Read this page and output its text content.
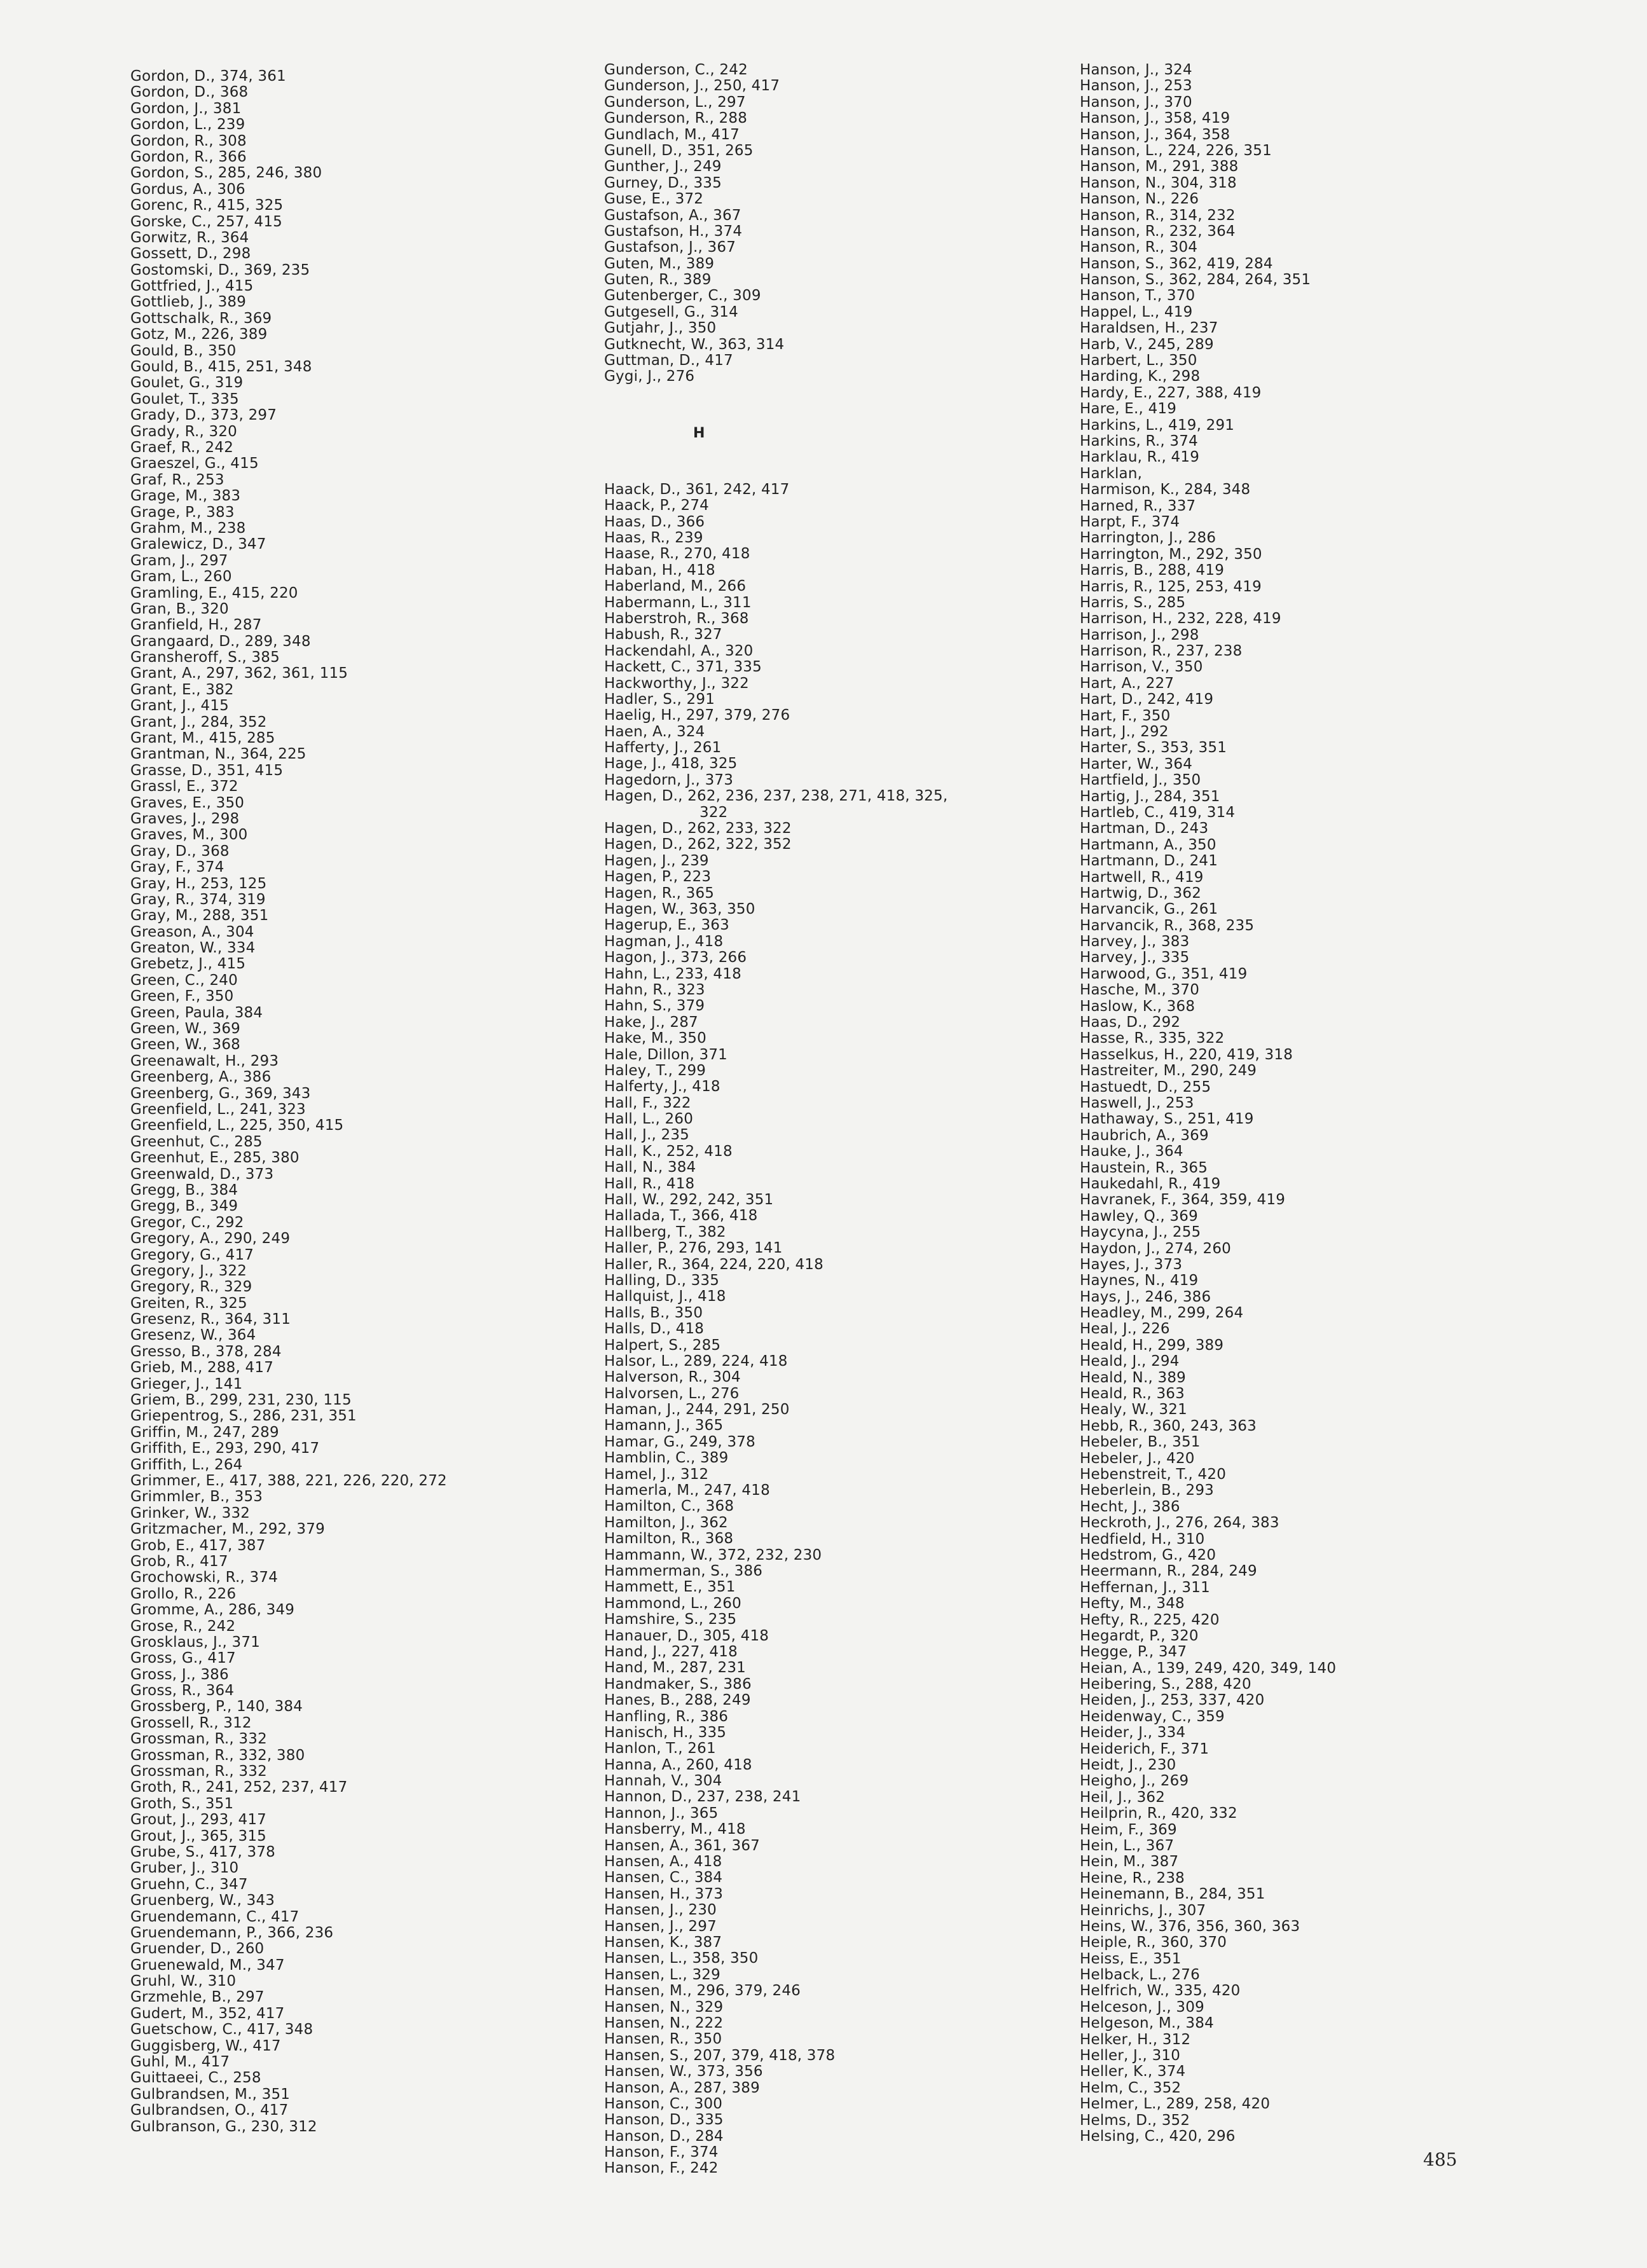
Gordon, D., 374, 361
Gordon, D., 368
Gordon, J., 381
Gordon, L., 239
Gordon, R., 308
Gordon, R., 366
Gordon, S., 285, 246, 380
Gordus, A., 306
Gorenc, R., 415, 325
Gorske, C., 257, 415
Gorwitz, R., 364
Gossett, D., 298
Gostomski, D., 369, 235
Gottfried, J., 415
Gottlieb, J., 389
Gottschalk, R., 369
Gotz, M., 226, 389
Gould, B., 350
Gould, B., 415, 251, 348
Goulet, G., 319
Goulet, T., 335
Grady, D., 373, 297
Grady, R., 320
Graef, R., 242
Graeszel, G., 415
Graf, R., 253
Grage, M., 383
Grage, P., 383
Grahm, M., 238
Gralewicz, D., 347
Gram, J., 297
Gram, L., 260
Gramling, E., 415, 220
Gran, B., 320
Granfield, H., 287
Grangaard, D., 289, 348
Gransheroff, S., 385
Grant, A., 297, 362, 361, 115
Grant, E., 382
Grant, J., 415
Grant, J., 284, 352
Grant, M., 415, 285
Grantman, N., 364, 225
Grasse, D., 351, 415
Grassl, E., 372
Graves, E., 350
Graves, J., 298
Graves, M., 300
Gray, D., 368
Gray, F., 374
Gray, H., 253, 125
Gray, R., 374, 319
Gray, M., 288, 351
Greason, A., 304
Greaton, W., 334
Grebetz, J., 415
Green, C., 240
Green, F., 350
Green, Paula, 384
Green, W., 369
Green, W., 368
Greenawalt, H., 293
Greenberg, A., 386
Greenberg, G., 369, 343
Greenfield, L., 241, 323
Greenfield, L., 225, 350, 415
Greenhut, C., 285
Greenhut, E., 285, 380
Greenwald, D., 373
Gregg, B., 384
Gregg, B., 349
Gregor, C., 292
Gregory, A., 290, 249
Gregory, G., 417
Gregory, J., 322
Gregory, R., 329
Greiten, R., 325
Gresenz, R., 364, 311
Gresenz, W., 364
Gresso, B., 378, 284
Grieb, M., 288, 417
Grieger, J., 141
Griem, B., 299, 231, 230, 115
Griepentrog, S., 286, 231, 351
Griffin, M., 247, 289
Griffith, E., 293, 290, 417
Griffith, L., 264
Grimmer, E., 417, 388, 221, 226, 220, 272
Grimmler, B., 353
Grinker, W., 332
Gritzmacher, M., 292, 379
Grob, E., 417, 387
Grob, R., 417
Grochowski, R., 374
Grollo, R., 226
Gromme, A., 286, 349
Grose, R., 242
Grosklaus, J., 371
Gross, G., 417
Gross, J., 386
Gross, R., 364
Grossberg, P., 140, 384
Grossell, R., 312
Grossman, R., 332
Grossman, R., 332, 380
Grossman, R., 332
Groth, R., 241, 252, 237, 417
Groth, S., 351
Grout, J., 293, 417
Grout, J., 365, 315
Grube, S., 417, 378
Gruber, J., 310
Gruehn, C., 347
Gruenberg, W., 343
Gruendemann, C., 417
Gruendemann, P., 366, 236
Gruender, D., 260
Gruenewald, M., 347
Gruhl, W., 310
Grzmehle, B., 297
Gudert, M., 352, 417
Guetschow, C., 417, 348
Guggisberg, W., 417
Guhl, M., 417
Guittaeei, C., 258
Gulbrandsen, M., 351
Gulbrandsen, O., 417
Gulbranson, G., 230, 312
Gunderson, C., 242
Gunderson, J., 250, 417
Gunderson, L., 297
Gunderson, R., 288
Gundlach, M., 417
Gunell, D., 351, 265
Gunther, J., 249
Gurney, D., 335
Guse, E., 372
Gustafson, A., 367
Gustafson, H., 374
Gustafson, J., 367
Guten, M., 389
Guten, R., 389
Gutenberger, C., 309
Gutgesell, G., 314
Gutjahr, J., 350
Gutknecht, W., 363, 314
Guttman, D., 417
Gygi, J., 276
H
Haack, D., 361, 242, 417
Haack, P., 274
Haas, D., 366
Haas, R., 239
Haase, R., 270, 418
Haban, H., 418
Haberland, M., 266
Habermann, L., 311
Haberstroh, R., 368
Habush, R., 327
Hackendahl, A., 320
Hackett, C., 371, 335
Hackworthy, J., 322
Hadler, S., 291
Haelig, H., 297, 379, 276
Haen, A., 324
Hafferty, J., 261
Hage, J., 418, 325
Hagedorn, J., 373
Hagen, D., 262, 236, 237, 238, 271, 418, 325,
322
Hagen, D., 262, 233, 322
Hagen, D., 262, 322, 352
Hagen, J., 239
Hagen, P., 223
Hagen, R., 365
Hagen, W., 363, 350
Hagerup, E., 363
Hagman, J., 418
Hagon, J., 373, 266
Hahn, L., 233, 418
Hahn, R., 323
Hahn, S., 379
Hake, J., 287
Hake, M., 350
Hale, Dillon, 371
Haley, T., 299
Halferty, J., 418
Hall, F., 322
Hall, L., 260
Hall, J., 235
Hall, K., 252, 418
Hall, N., 384
Hall, R., 418
Hall, W., 292, 242, 351
Hallada, T., 366, 418
Hallberg, T., 382
Haller, P., 276, 293, 141
Haller, R., 364, 224, 220, 418
Halling, D., 335
Hallquist, J., 418
Halls, B., 350
Halls, D., 418
Halpert, S., 285
Halsor, L., 289, 224, 418
Halverson, R., 304
Halvorsen, L., 276
Haman, J., 244, 291, 250
Hamann, J., 365
Hamar, G., 249, 378
Hamblin, C., 389
Hamel, J., 312
Hamerla, M., 247, 418
Hamilton, C., 368
Hamilton, J., 362
Hamilton, R., 368
Hammann, W., 372, 232, 230
Hammerman, S., 386
Hammett, E., 351
Hammond, L., 260
Hamshire, S., 235
Hanauer, D., 305, 418
Hand, J., 227, 418
Hand, M., 287, 231
Handmaker, S., 386
Hanes, B., 288, 249
Hanfling, R., 386
Hanisch, H., 335
Hanlon, T., 261
Hanna, A., 260, 418
Hannah, V., 304
Hannon, D., 237, 238, 241
Hannon, J., 365
Hansberry, M., 418
Hansen, A., 361, 367
Hansen, A., 418
Hansen, C., 384
Hansen, H., 373
Hansen, J., 230
Hansen, J., 297
Hansen, K., 387
Hansen, L., 358, 350
Hansen, L., 329
Hansen, M., 296, 379, 246
Hansen, N., 329
Hansen, N., 222
Hansen, R., 350
Hansen, S., 207, 379, 418, 378
Hansen, W., 373, 356
Hanson, A., 287, 389
Hanson, C., 300
Hanson, D., 335
Hanson, D., 284
Hanson, F., 374
Hanson, F., 242
Hanson, J., 324
Hanson, J., 253
Hanson, J., 370
Hanson, J., 358, 419
Hanson, J., 364, 358
Hanson, L., 224, 226, 351
Hanson, M., 291, 388
Hanson, N., 304, 318
Hanson, N., 226
Hanson, R., 314, 232
Hanson, R., 232, 364
Hanson, R., 304
Hanson, S., 362, 419, 284
Hanson, S., 362, 284, 264, 351
Hanson, T., 370
Happel, L., 419
Haraldsen, H., 237
Harb, V., 245, 289
Harbert, L., 350
Harding, K., 298
Hardy, E., 227, 388, 419
Hare, E., 419
Harkins, L., 419, 291
Harkins, R., 374
Harklau, R., 419
Harklan,
Harmison, K., 284, 348
Harned, R., 337
Harpt, F., 374
Harrington, J., 286
Harrington, M., 292, 350
Harris, B., 288, 419
Harris, R., 125, 253, 419
Harris, S., 285
Harrison, H., 232, 228, 419
Harrison, J., 298
Harrison, R., 237, 238
Harrison, V., 350
Hart, A., 227
Hart, D., 242, 419
Hart, F., 350
Hart, J., 292
Harter, S., 353, 351
Harter, W., 364
Hartfield, J., 350
Hartig, J., 284, 351
Hartleb, C., 419, 314
Hartman, D., 243
Hartmann, A., 350
Hartmann, D., 241
Hartwell, R., 419
Hartwig, D., 362
Harvancik, G., 261
Harvancik, R., 368, 235
Harvey, J., 383
Harvey, J., 335
Harwood, G., 351, 419
Hasche, M., 370
Haslow, K., 368
Haas, D., 292
Hasse, R., 335, 322
Hasselkus, H., 220, 419, 318
Hastreiter, M., 290, 249
Hastuedt, D., 255
Haswell, J., 253
Hathaway, S., 251, 419
Haubrich, A., 369
Hauke, J., 364
Haustein, R., 365
Haukedahl, R., 419
Havranek, F., 364, 359, 419
Hawley, Q., 369
Haycyna, J., 255
Haydon, J., 274, 260
Hayes, J., 373
Haynes, N., 419
Hays, J., 246, 386
Headley, M., 299, 264
Heal, J., 226
Heald, H., 299, 389
Heald, J., 294
Heald, N., 389
Heald, R., 363
Healy, W., 321
Hebb, R., 360, 243, 363
Hebeler, B., 351
Hebeler, J., 420
Hebenstreit, T., 420
Heberlein, B., 293
Hecht, J., 386
Heckroth, J., 276, 264, 383
Hedfield, H., 310
Hedstrom, G., 420
Heermann, R., 284, 249
Heffernan, J., 311
Hefty, M., 348
Hefty, R., 225, 420
Hegardt, P., 320
Hegge, P., 347
Heian, A., 139, 249, 420, 349, 140
Heibering, S., 288, 420
Heiden, J., 253, 337, 420
Heidenway, C., 359
Heider, J., 334
Heiderich, F., 371
Heidt, J., 230
Heigho, J., 269
Heil, J., 362
Heilprin, R., 420, 332
Heim, F., 369
Hein, L., 367
Hein, M., 387
Heine, R., 238
Heinemann, B., 284, 351
Heinrichs, J., 307
Heins, W., 376, 356, 360, 363
Heiple, R., 360, 370
Heiss, E., 351
Helback, L., 276
Helfrich, W., 335, 420
Helceson, J., 309
Helgeson, M., 384
Helker, H., 312
Heller, J., 310
Heller, K., 374
Helm, C., 352
Helmer, L., 289, 258, 420
Helms, D., 352
Helsing, C., 420, 296
485
